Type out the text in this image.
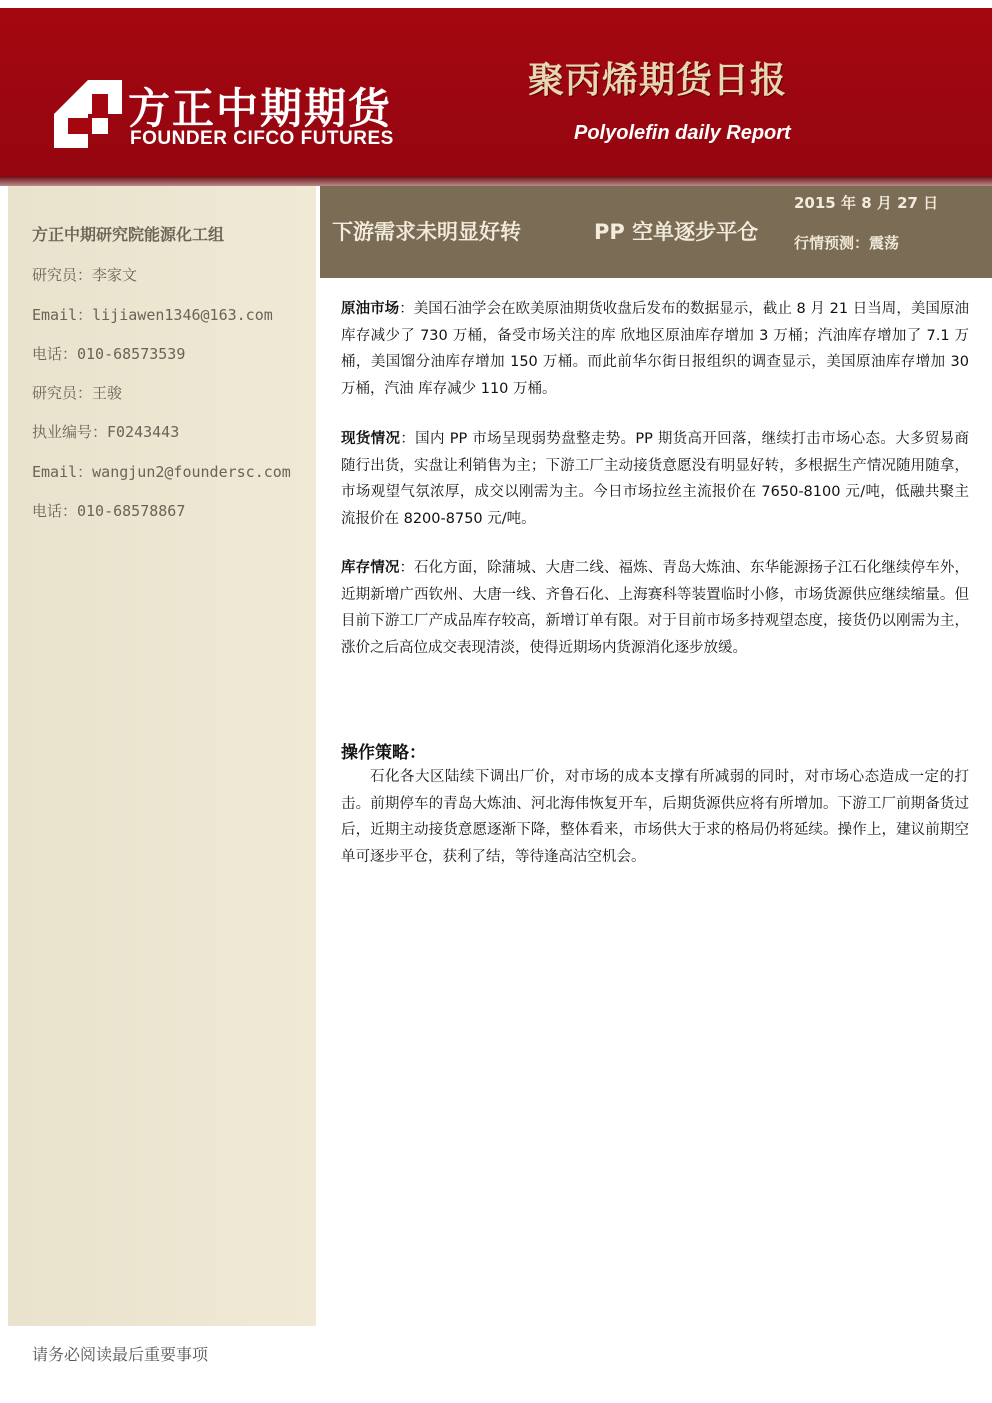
方正中期期货
FOUNDER CIFCO FUTURES
聚丙烯期货日报
Polyolefin daily Report
方正中期研究院能源化工组
研究员：李家文
Email：lijiawen1346@163.com
电话：010-68573539
研究员：王骏
执业编号：F0243443
Email：wangjun2@foundersc.com
电话：010-68578867
请务必阅读最后重要事项
下游需求未明显好转	PP 空单逐步平仓
2015 年 8 月 27 日
行情预测：震荡
原油市场：美国石油学会在欧美原油期货收盘后发布的数据显示，截止 8 月 21 日当周，美国原油库存减少了 730 万桶，备受市场关注的库 欣地区原油库存增加 3 万桶；汽油库存增加了 7.1 万桶，美国馏分油库存增加 150 万桶。而此前华尔街日报组织的调查显示，美国原油库存增加 30 万桶，汽油 库存减少 110 万桶。
现货情况：国内 PP 市场呈现弱势盘整走势。PP 期货高开回落，继续打击市场心态。大多贸易商随行出货，实盘让利销售为主；下游工厂主动接货意愿没有明显好转，多根据生产情况随用随拿，市场观望气氛浓厚，成交以刚需为主。今日市场拉丝主流报价在 7650-8100 元/吨，低融共聚主流报价在 8200-8750 元/吨。
库存情况：石化方面，除蒲城、大唐二线、福炼、青岛大炼油、东华能源扬子江石化继续停车外，近期新增广西钦州、大唐一线、齐鲁石化、上海赛科等装置临时小修，市场货源供应继续缩量。但目前下游工厂产成品库存较高，新增订单有限。对于目前市场多持观望态度，接货仍以刚需为主，涨价之后高位成交表现清淡，使得近期场内货源消化逐步放缓。
操作策略：
石化各大区陆续下调出厂价，对市场的成本支撑有所减弱的同时，对市场心态造成一定的打击。前期停车的青岛大炼油、河北海伟恢复开车，后期货源供应将有所增加。下游工厂前期备货过后，近期主动接货意愿逐渐下降，整体看来，市场供大于求的格局仍将延续。操作上，建议前期空单可逐步平仓，获利了结，等待逢高沽空机会。
